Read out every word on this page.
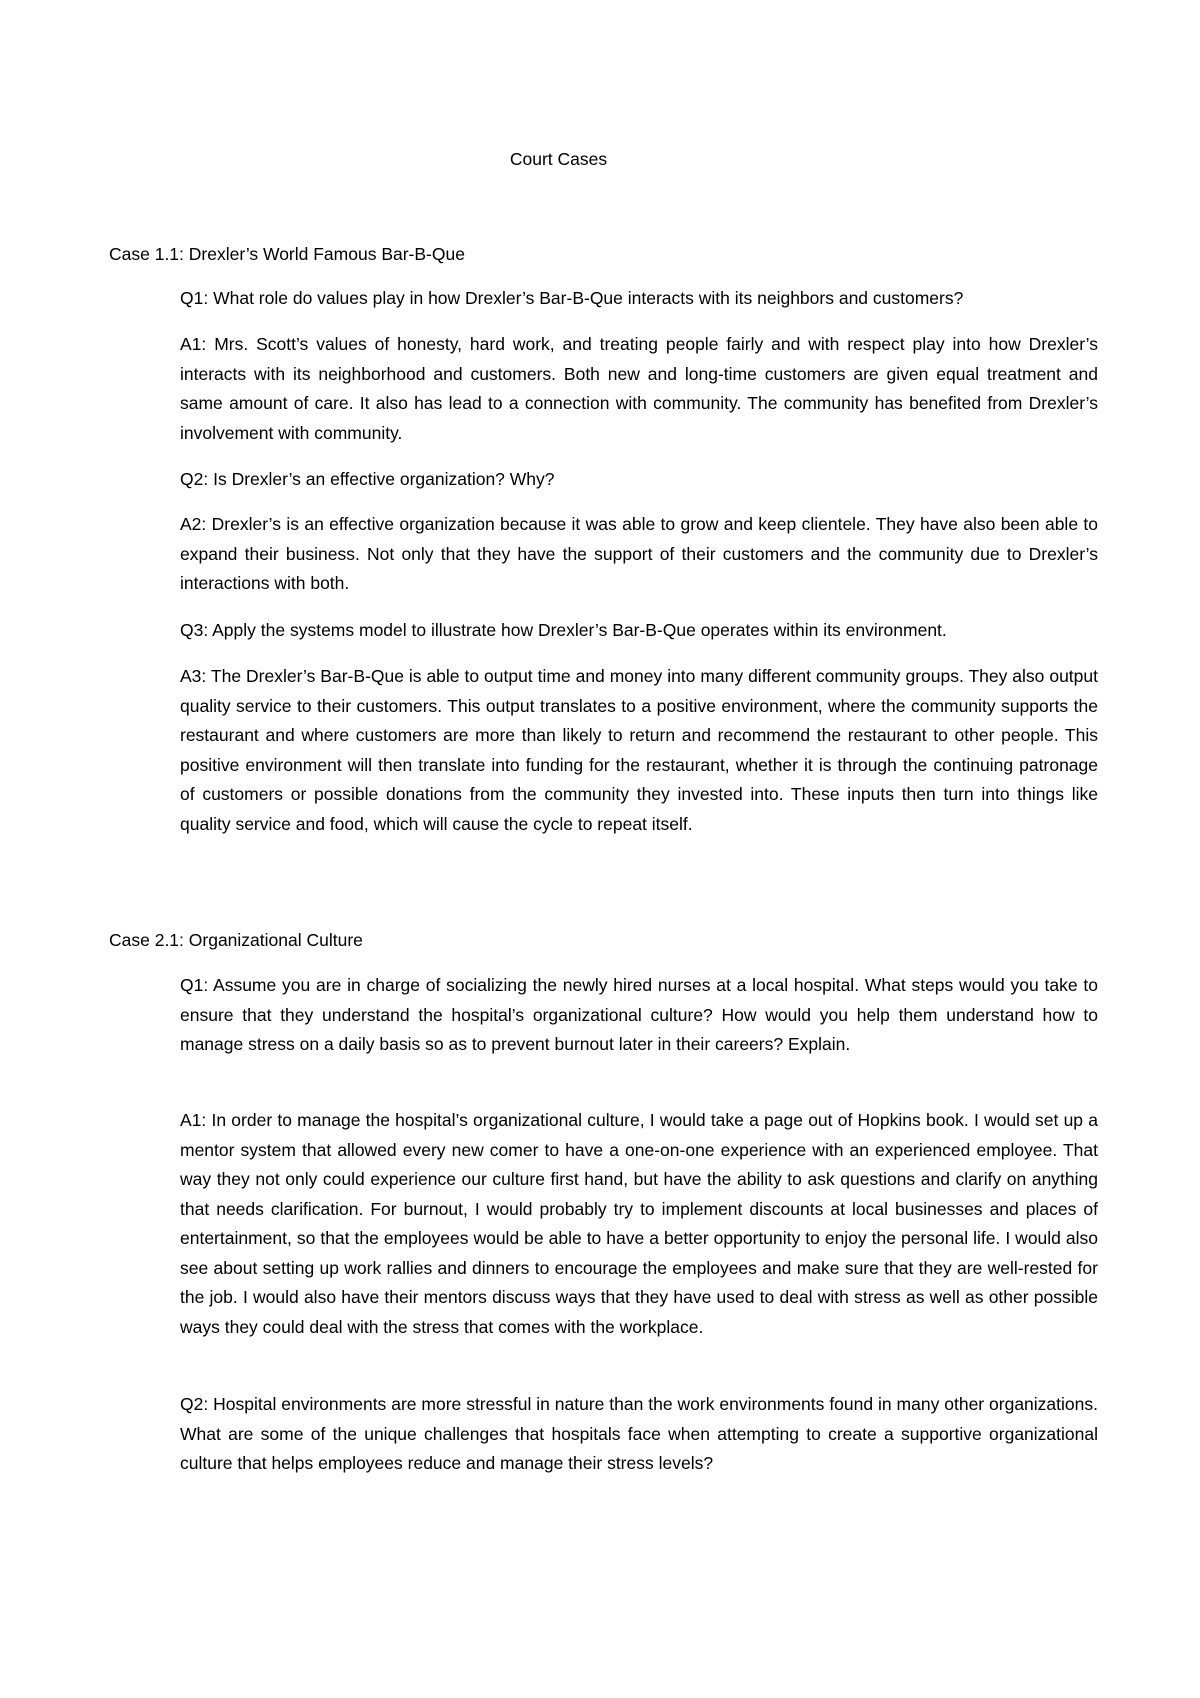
Court Cases
Case 1.1: Drexler’s World Famous Bar-B-Que
Q1: What role do values play in how Drexler’s Bar-B-Que interacts with its neighbors and customers?
A1: Mrs. Scott’s values of honesty, hard work, and treating people fairly and with respect play into how Drexler’s interacts with its neighborhood and customers. Both new and long-time customers are given equal treatment and same amount of care. It also has lead to a connection with community. The community has benefited from Drexler’s involvement with community.
Q2: Is Drexler’s an effective organization? Why?
A2: Drexler’s is an effective organization because it was able to grow and keep clientele. They have also been able to expand their business. Not only that they have the support of their customers and the community due to Drexler’s interactions with both.
Q3: Apply the systems model to illustrate how Drexler’s Bar-B-Que operates within its environment.
A3: The Drexler’s Bar-B-Que is able to output time and money into many different community groups. They also output quality service to their customers. This output translates to a positive environment, where the community supports the restaurant and where customers are more than likely to return and recommend the restaurant to other people. This positive environment will then translate into funding for the restaurant, whether it is through the continuing patronage of customers or possible donations from the community they invested into. These inputs then turn into things like quality service and food, which will cause the cycle to repeat itself.
Case 2.1: Organizational Culture
Q1: Assume you are in charge of socializing the newly hired nurses at a local hospital. What steps would you take to ensure that they understand the hospital’s organizational culture? How would you help them understand how to manage stress on a daily basis so as to prevent burnout later in their careers? Explain.
A1: In order to manage the hospital’s organizational culture, I would take a page out of Hopkins book. I would set up a mentor system that allowed every new comer to have a one-on-one experience with an experienced employee. That way they not only could experience our culture first hand, but have the ability to ask questions and clarify on anything that needs clarification. For burnout, I would probably try to implement discounts at local businesses and places of entertainment, so that the employees would be able to have a better opportunity to enjoy the personal life. I would also see about setting up work rallies and dinners to encourage the employees and make sure that they are well-rested for the job. I would also have their mentors discuss ways that they have used to deal with stress as well as other possible ways they could deal with the stress that comes with the workplace.
Q2: Hospital environments are more stressful in nature than the work environments found in many other organizations. What are some of the unique challenges that hospitals face when attempting to create a supportive organizational culture that helps employees reduce and manage their stress levels?
